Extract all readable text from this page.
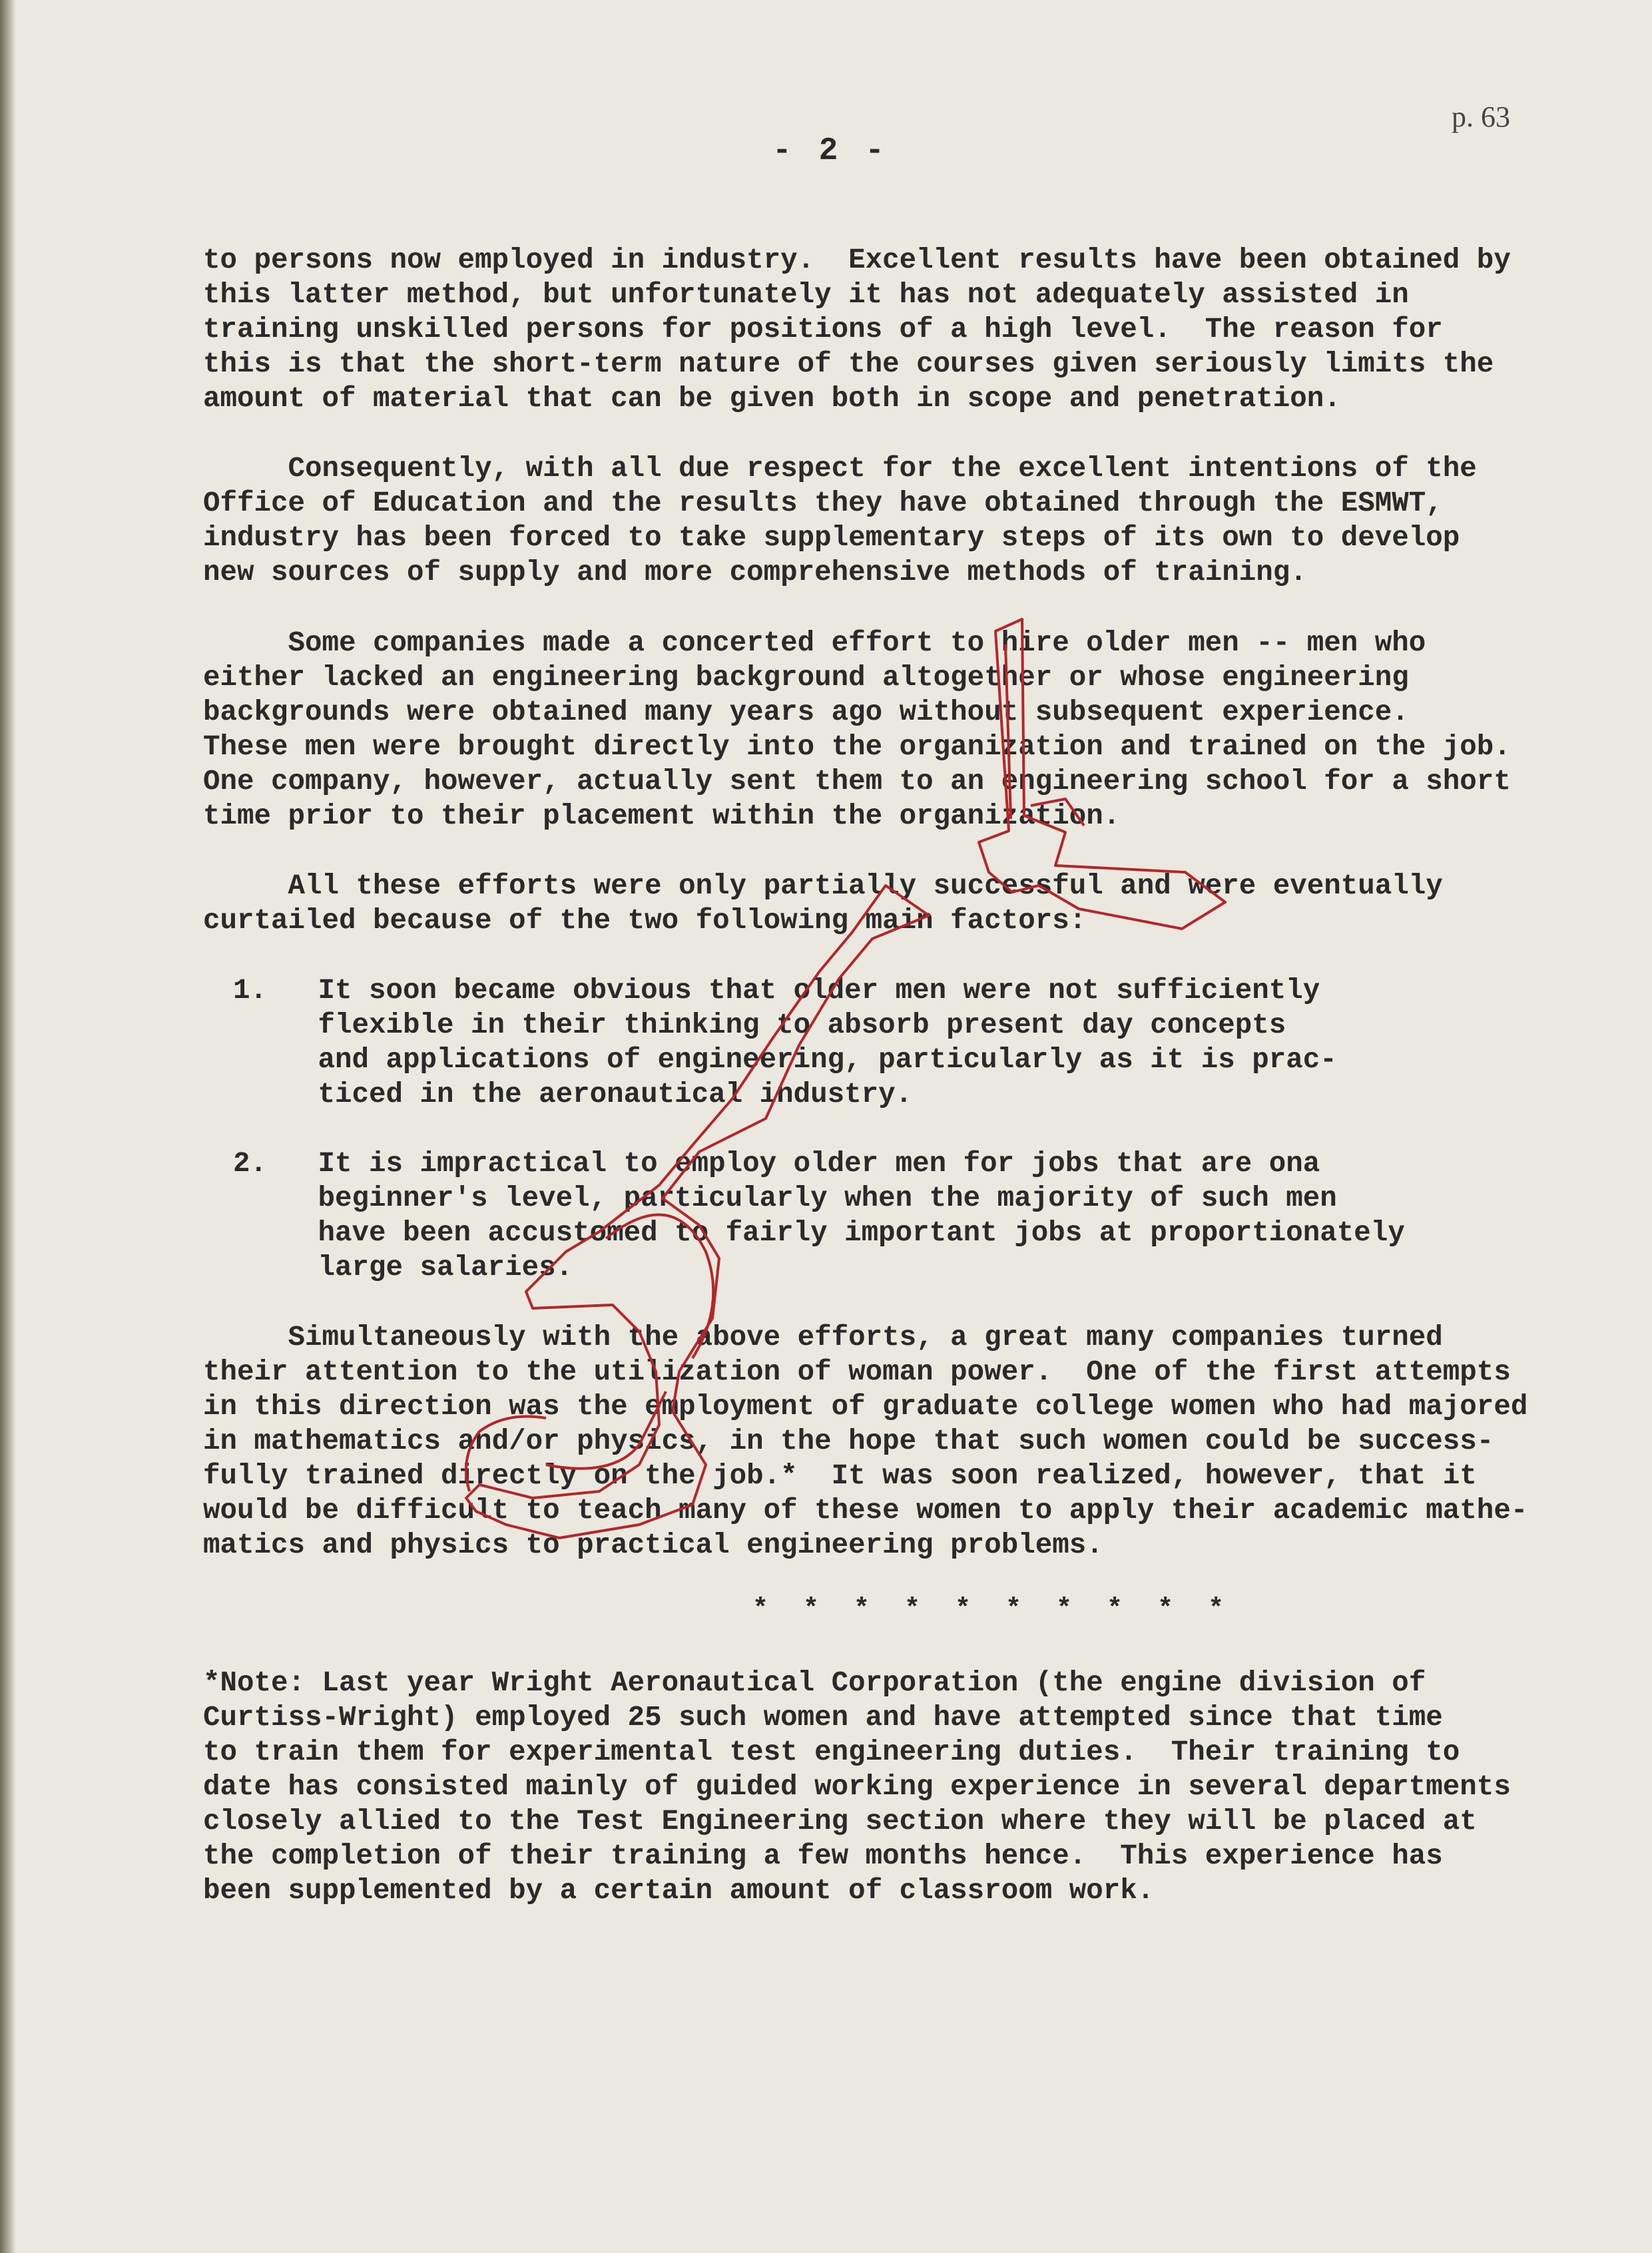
p. 63
- 2 -

to persons now employed in industry.  Excellent results have been obtained by

this latter method, but unfortunately it has not adequately assisted in

training unskilled persons for positions of a high level.  The reason for

this is that the short-term nature of the courses given seriously limits the

amount of material that can be given both in scope and penetration.

Consequently, with all due respect for the excellent intentions of the

Office of Education and the results they have obtained through the ESMWT,

industry has been forced to take supplementary steps of its own to develop

new sources of supply and more comprehensive methods of training.

Some companies made a concerted effort to hire older men -- men who

either lacked an engineering background altogether or whose engineering

backgrounds were obtained many years ago without subsequent experience.

These men were brought directly into the organization and trained on the job.

One company, however, actually sent them to an engineering school for a short

time prior to their placement within the organization.

All these efforts were only partially successful and were eventually

curtailed because of the two following main factors:

1.   It soon became obvious that older men were not sufficiently

flexible in their thinking to absorb present day concepts

and applications of engineering, particularly as it is prac-

ticed in the aeronautical industry.

2.   It is impractical to employ older men for jobs that are ona

beginner's level, particularly when the majority of such men

have been accustomed to fairly important jobs at proportionately

large salaries.

Simultaneously with the above efforts, a great many companies turned

their attention to the utilization of woman power.  One of the first attempts

in this direction was the employment of graduate college women who had majored

in mathematics and/or physics, in the hope that such women could be success-

fully trained directly on the job.*  It was soon realized, however, that it

would be difficult to teach many of these women to apply their academic mathe-

matics and physics to practical engineering problems.

*Note: Last year Wright Aeronautical Corporation (the engine division of

Curtiss-Wright) employed 25 such women and have attempted since that time

to train them for experimental test engineering duties.  Their training to

date has consisted mainly of guided working experience in several departments

closely allied to the Test Engineering section where they will be placed at

the completion of their training a few months hence.  This experience has

been supplemented by a certain amount of classroom work.

* * * * * * * * * *
